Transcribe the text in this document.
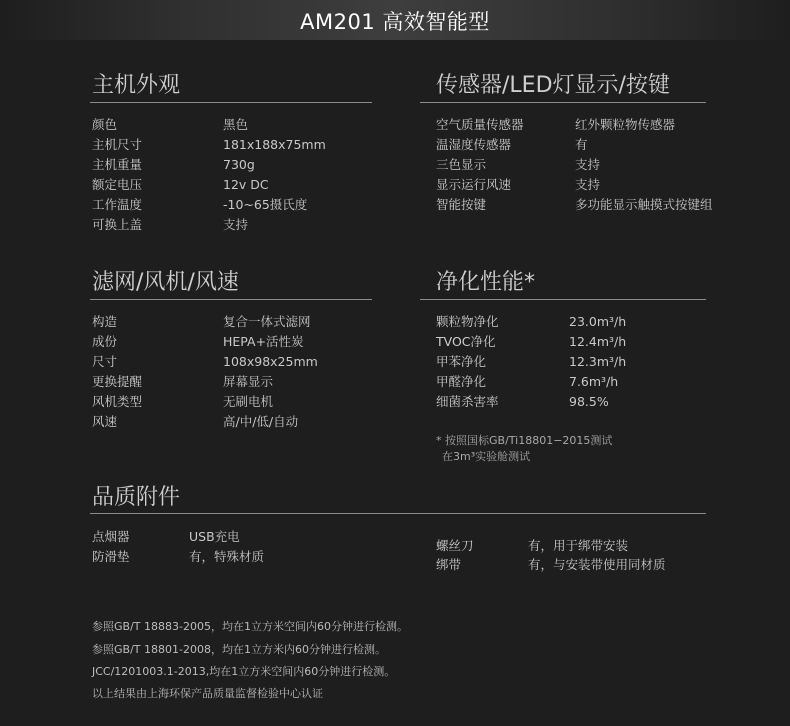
AM201 高效智能型
主机外观
颜色	黑色
主机尺寸	181x188x75mm
主机重量	730g
额定电压	12v DC
工作温度	-10~65摄氏度
可换上盖	支持
传感器/LED灯显示/按键
空气质量传感器	红外颗粒物传感器
温湿度传感器	有
三色显示	支持
显示运行风速	支持
智能按键	多功能显示触摸式按键组
滤网/风机/风速
构造	复合一体式滤网
成份	HEPA+活性炭
尺寸	108x98x25mm
更换提醒	屏幕显示
风机类型	无刷电机
风速	高/中/低/自动
净化性能*
颗粒物净化	23.0m³/h
TVOC净化	12.4m³/h
甲苯净化	12.3m³/h
甲醛净化	7.6m³/h
细菌杀害率	98.5%
* 按照国标GB/Ti18801−2015测试
在3m³实验舱测试
品质附件
点烟器	USB充电
防滑垫	有，特殊材质
螺丝刀	有，用于绑带安装
绑带	有，与安装带使用同材质
参照GB/T 18883-2005，均在1立方米空间内60分钟进行检测。
参照GB/T 18801-2008，均在1立方米内60分钟进行检测。
JCC/1201003.1-2013,均在1立方米空间内60分钟进行检测。
以上结果由上海环保产品质量监督检验中心认证
